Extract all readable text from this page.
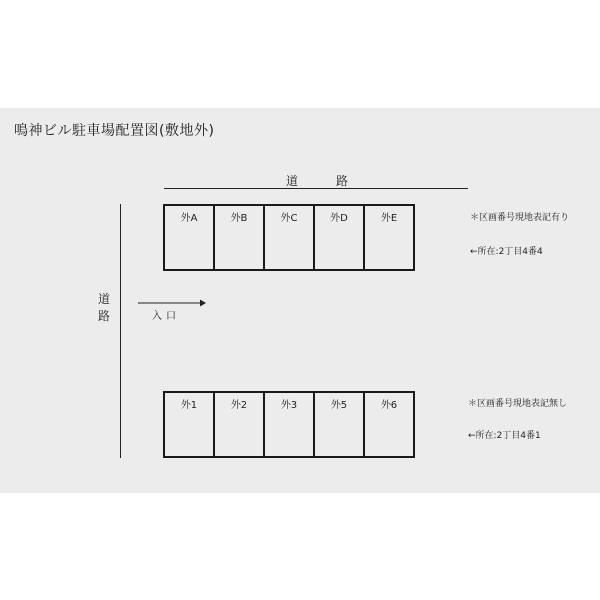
鳴神ビル駐車場配置図(敷地外)
道	路
道
路	入口
外A	外B	外C	外D	外E	＊区画番号現地表記有り
←所在:2丁目4番4
外1	外2	外3	外5	外6	＊区画番号現地表記無し
←所在:2丁目4番1
